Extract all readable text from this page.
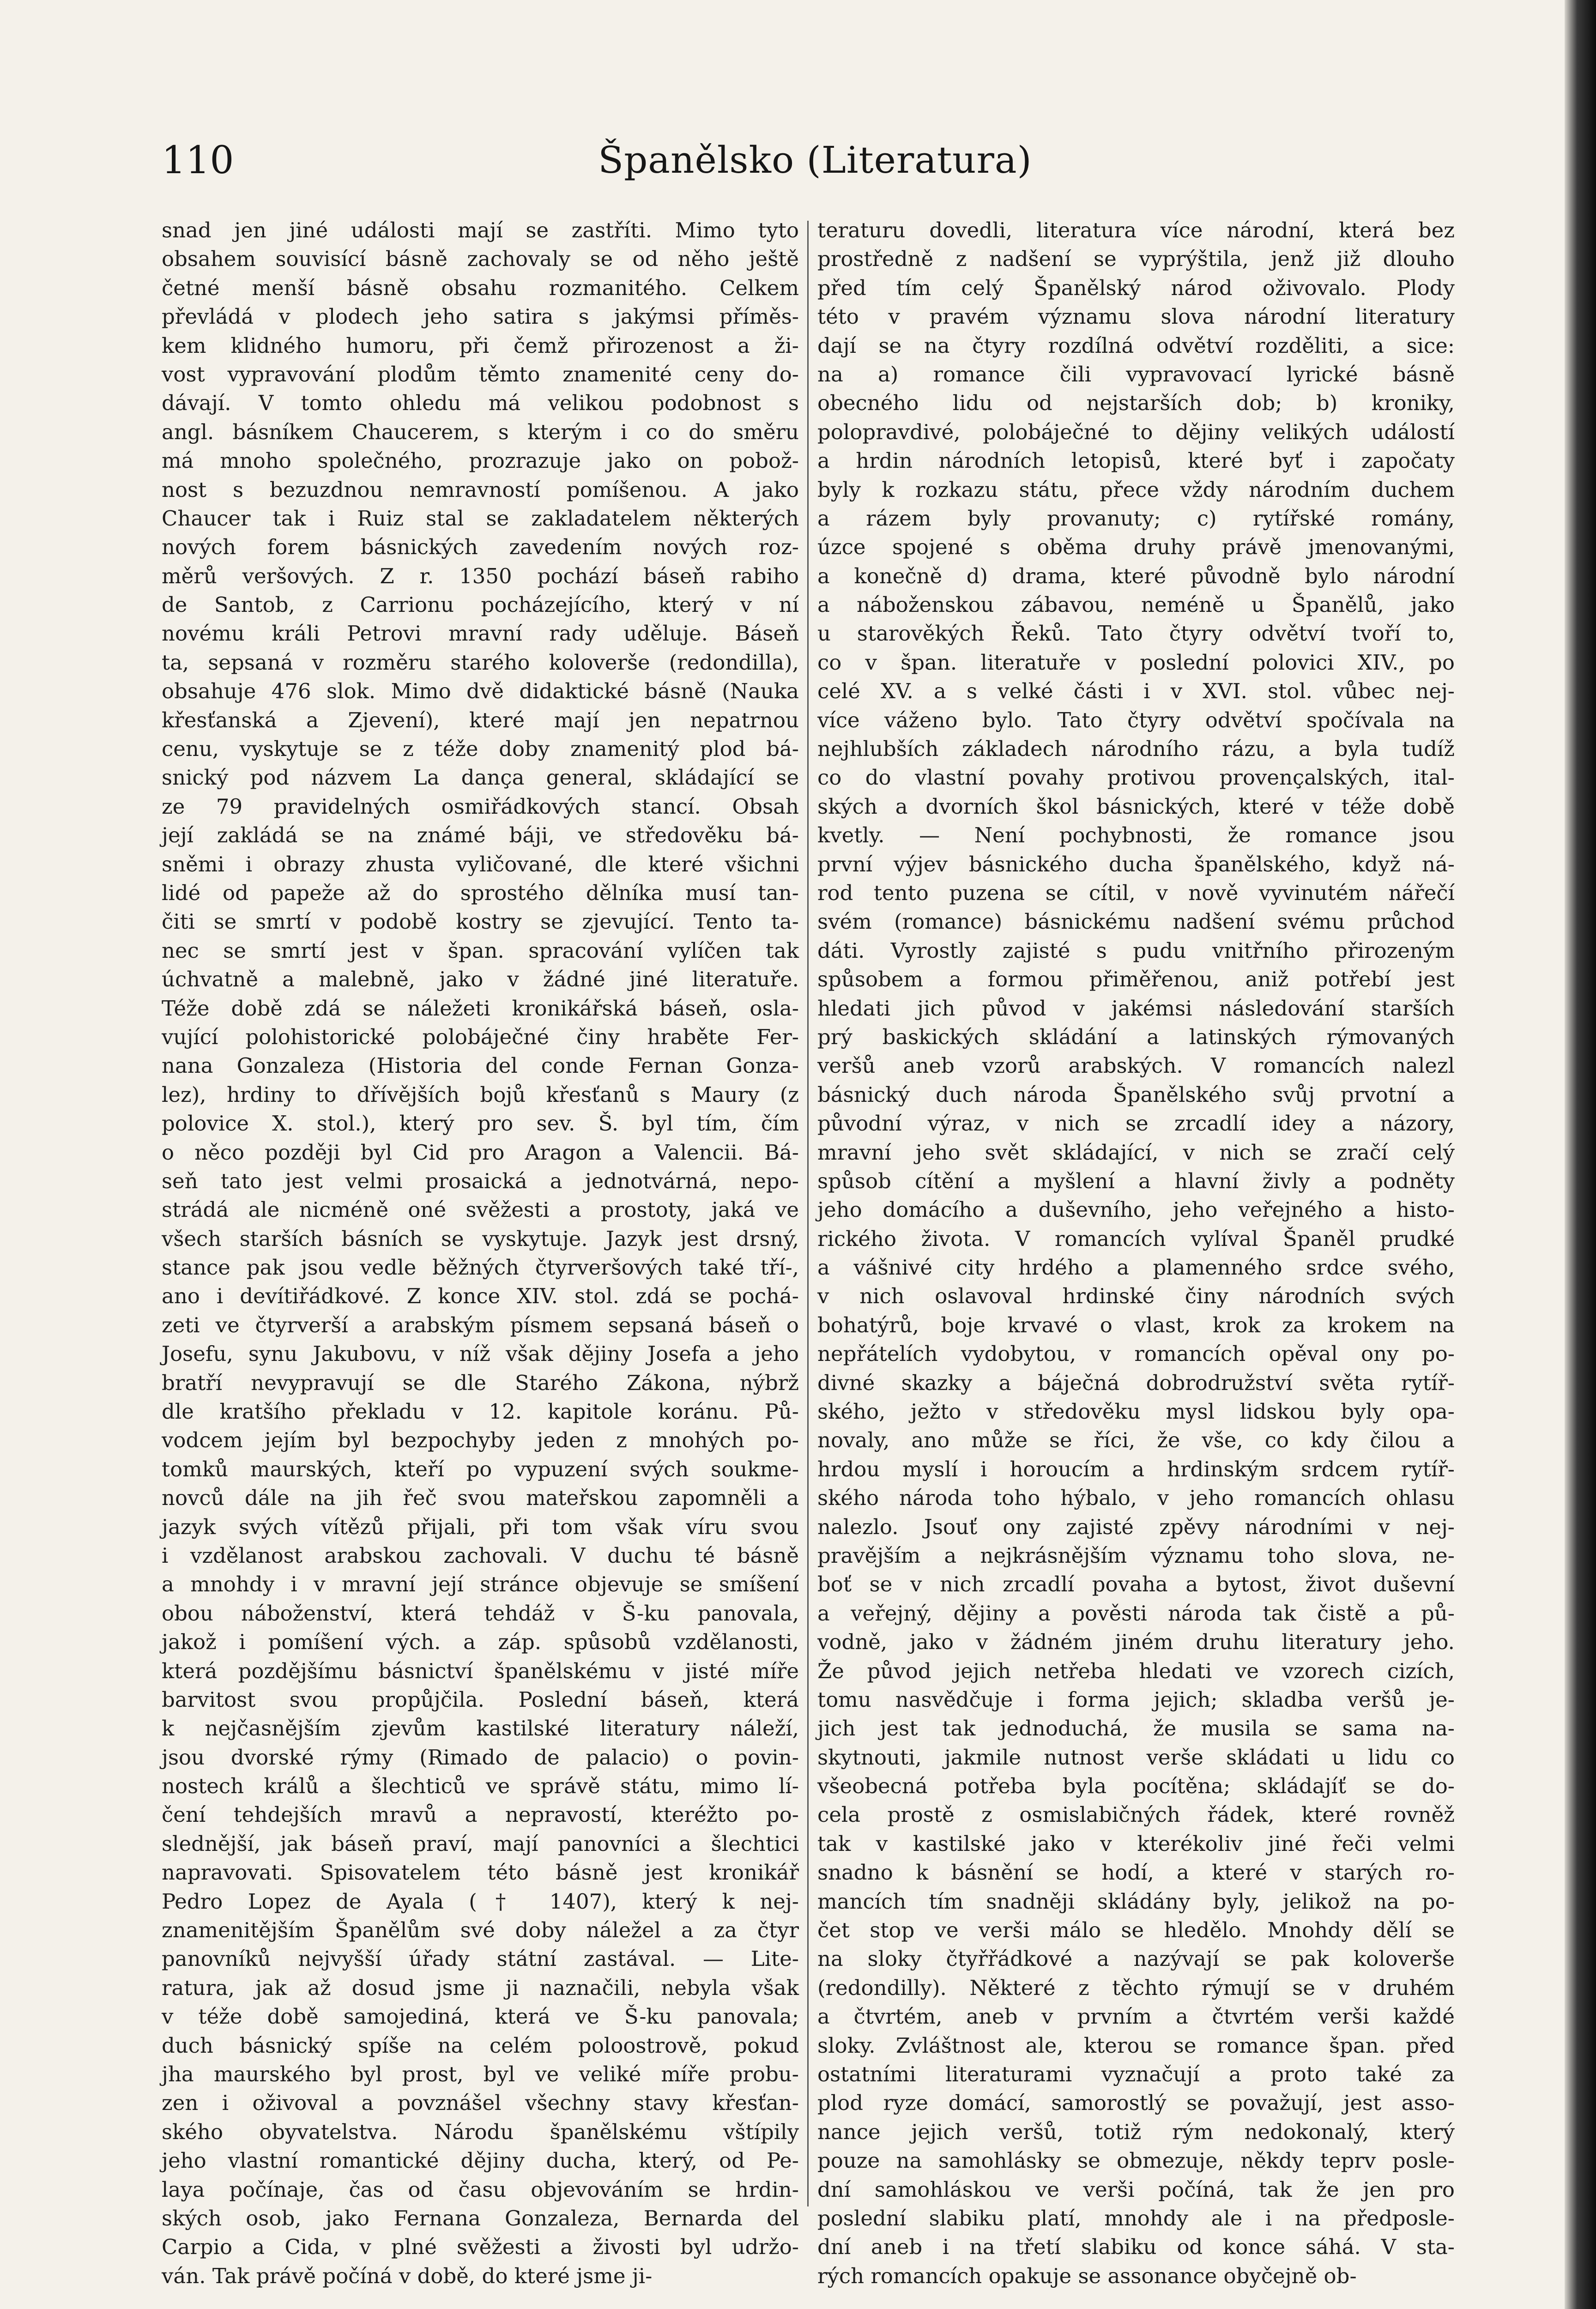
110	Španělsko (Literatura)
snad jen jiné události mají se zastříti. Mimo tyto
obsahem souvisící básně zachovaly se od něho ještě
četné menší básně obsahu rozmanitého. Celkem
převládá v plodech jeho satira s jakýmsi příměs-
kem klidného humoru, při čemž přirozenost a ži-
vost vypravování plodům těmto znamenité ceny do-
dávají. V tomto ohledu má velikou podobnost s
angl. básníkem Chaucerem, s kterým i co do směru
má mnoho společného, prozrazuje jako on pobož-
nost s bezuzdnou nemravností pomíšenou. A jako
Chaucer tak i Ruiz stal se zakladatelem některých
nových forem básnických zavedením nových roz-
měrů veršových. Z r. 1350 pochází báseň rabiho
de Santob, z Carrionu pocházejícího, který v ní
novému králi Petrovi mravní rady uděluje. Báseň
ta, sepsaná v rozměru starého koloverše (redondilla),
obsahuje 476 slok. Mimo dvě didaktické básně (Nauka
křesťanská a Zjevení), které mají jen nepatrnou
cenu, vyskytuje se z téže doby znamenitý plod bá-
snický pod názvem La dança general, skládající se
ze 79 pravidelných osmiřádkových stancí. Obsah
její zakládá se na známé báji, ve středověku bá-
sněmi i obrazy zhusta vyličované, dle které všichni
lidé od papeže až do sprostého dělníka musí tan-
čiti se smrtí v podobě kostry se zjevující. Tento ta-
nec se smrtí jest v špan. spracování vylíčen tak
úchvatně a malebně, jako v žádné jiné literatuře.
Téže době zdá se náležeti kronikářská báseň, osla-
vující polohistorické polobáječné činy hraběte Fer-
nana Gonzaleza (Historia del conde Fernan Gonza-
lez), hrdiny to dřívějších bojů křesťanů s Maury (z
polovice X. stol.), který pro sev. Š. byl tím, čím
o něco později byl Cid pro Aragon a Valencii. Bá-
seň tato jest velmi prosaická a jednotvárná, nepo-
strádá ale nicméně oné svěžesti a prostoty, jaká ve
všech starších básních se vyskytuje. Jazyk jest drsný,
stance pak jsou vedle běžných čtyrveršových také tří-,
ano i devítiřádkové. Z konce XIV. stol. zdá se pochá-
zeti ve čtyrverší a arabským písmem sepsaná báseň o
Josefu, synu Jakubovu, v níž však dějiny Josefa a jeho
bratří nevypravují se dle Starého Zákona, nýbrž
dle kratšího překladu v 12. kapitole koránu. Pů-
vodcem jejím byl bezpochyby jeden z mnohých po-
tomků maurských, kteří po vypuzení svých soukme-
novců dále na jih řeč svou mateřskou zapomněli a
jazyk svých vítězů přijali, při tom však víru svou
i vzdělanost arabskou zachovali. V duchu té básně
a mnohdy i v mravní její stránce objevuje se smíšení
obou náboženství, která tehdáž v Š-ku panovala,
jakož i pomíšení vých. a záp. spůsobů vzdělanosti,
která pozdějšímu básnictví španělskému v jisté míře
barvitost svou propůjčila. Poslední báseň, která
k nejčasnějším zjevům kastilské literatury náleží,
jsou dvorské rýmy (Rimado de palacio) o povin-
nostech králů a šlechticů ve správě státu, mimo lí-
čení tehdejších mravů a nepravostí, kteréžto po-
slednější, jak báseň praví, mají panovníci a šlechtici
napravovati. Spisovatelem této básně jest kronikář
Pedro Lopez de Ayala († 1407), který k nej-
znamenitějším Španělům své doby náležel a za čtyr
panovníků nejvyšší úřady státní zastával. — Lite-
ratura, jak až dosud jsme ji naznačili, nebyla však
v téže době samojediná, která ve Š-ku panovala;
duch básnický spíše na celém poloostrově, pokud
jha maurského byl prost, byl ve veliké míře probu-
zen i oživoval a povznášel všechny stavy křesťan-
ského obyvatelstva. Národu španělskému vštípily
jeho vlastní romantické dějiny ducha, který, od Pe-
laya počínaje, čas od času objevováním se hrdin-
ských osob, jako Fernana Gonzaleza, Bernarda del
Carpio a Cida, v plné svěžesti a živosti byl udržo-
ván. Tak právě počíná v době, do které jsme ji-
teraturu dovedli, literatura více národní, která bez
prostředně z nadšení se vyprýštila, jenž již dlouho
před tím celý Španělský národ oživovalo. Plody
této v pravém významu slova národní literatury
dají se na čtyry rozdílná odvětví rozděliti, a sice:
na a) romance čili vypravovací lyrické básně
obecného lidu od nejstarších dob; b) kroniky,
polopravdivé, polobáječné to dějiny velikých událostí
a hrdin národních letopisů, které byť i započaty
byly k rozkazu státu, přece vždy národním duchem
a rázem byly provanuty; c) rytířské romány,
úzce spojené s oběma druhy právě jmenovanými,
a konečně d) drama, které původně bylo národní
a náboženskou zábavou, neméně u Španělů, jako
u starověkých Řeků. Tato čtyry odvětví tvoří to,
co v špan. literatuře v poslední polovici XIV., po
celé XV. a s velké části i v XVI. stol. vůbec nej-
více váženo bylo. Tato čtyry odvětví spočívala na
nejhlubších základech národního rázu, a byla tudíž
co do vlastní povahy protivou provençalských, ital-
ských a dvorních škol básnických, které v téže době
kvetly. — Není pochybnosti, že romance jsou
první výjev básnického ducha španělského, když ná-
rod tento puzena se cítil, v nově vyvinutém nářečí
svém (romance) básnickému nadšení svému průchod
dáti. Vyrostly zajisté s pudu vnitřního přirozeným
spůsobem a formou přiměřenou, aniž potřebí jest
hledati jich původ v jakémsi následování starších
prý baskických skládání a latinských rýmovaných
veršů aneb vzorů arabských. V romancích nalezl
básnický duch národa Španělského svůj prvotní a
původní výraz, v nich se zrcadlí idey a názory,
mravní jeho svět skládající, v nich se zračí celý
spůsob cítění a myšlení a hlavní živly a podněty
jeho domácího a duševního, jeho veřejného a histo-
rického života. V romancích vylíval Španěl prudké
a vášnivé city hrdého a plamenného srdce svého,
v nich oslavoval hrdinské činy národních svých
bohatýrů, boje krvavé o vlast, krok za krokem na
nepřátelích vydobytou, v romancích opěval ony po-
divné skazky a báječná dobrodružství světa rytíř-
ského, ježto v středověku mysl lidskou byly opa-
novaly, ano může se říci, že vše, co kdy čilou a
hrdou myslí i horoucím a hrdinským srdcem rytíř-
ského národa toho hýbalo, v jeho romancích ohlasu
nalezlo. Jsouť ony zajisté zpěvy národními v nej-
pravějším a nejkrásnějším významu toho slova, ne-
boť se v nich zrcadlí povaha a bytost, život duševní
a veřejný, dějiny a pověsti národa tak čistě a pů-
vodně, jako v žádném jiném druhu literatury jeho.
Že původ jejich netřeba hledati ve vzorech cizích,
tomu nasvědčuje i forma jejich; skladba veršů je-
jich jest tak jednoduchá, že musila se sama na-
skytnouti, jakmile nutnost verše skládati u lidu co
všeobecná potřeba byla pocítěna; skládajíť se do-
cela prostě z osmislabičných řádek, které rovněž
tak v kastilské jako v kterékoliv jiné řeči velmi
snadno k básnění se hodí, a které v starých ro-
mancích tím snadněji skládány byly, jelikož na po-
čet stop ve verši málo se hledělo. Mnohdy dělí se
na sloky čtyřřádkové a nazývají se pak koloverše
(redondilly). Některé z těchto rýmují se v druhém
a čtvrtém, aneb v prvním a čtvrtém verši každé
sloky. Zvláštnost ale, kterou se romance špan. před
ostatními literaturami vyznačují a proto také za
plod ryze domácí, samorostlý se považují, jest asso-
nance jejich veršů, totiž rým nedokonalý, který
pouze na samohlásky se obmezuje, někdy teprv posle-
dní samohláskou ve verši počíná, tak že jen pro
poslední slabiku platí, mnohdy ale i na předposle-
dní aneb i na třetí slabiku od konce sáhá. V sta-
rých romancích opakuje se assonance obyčejně ob-
